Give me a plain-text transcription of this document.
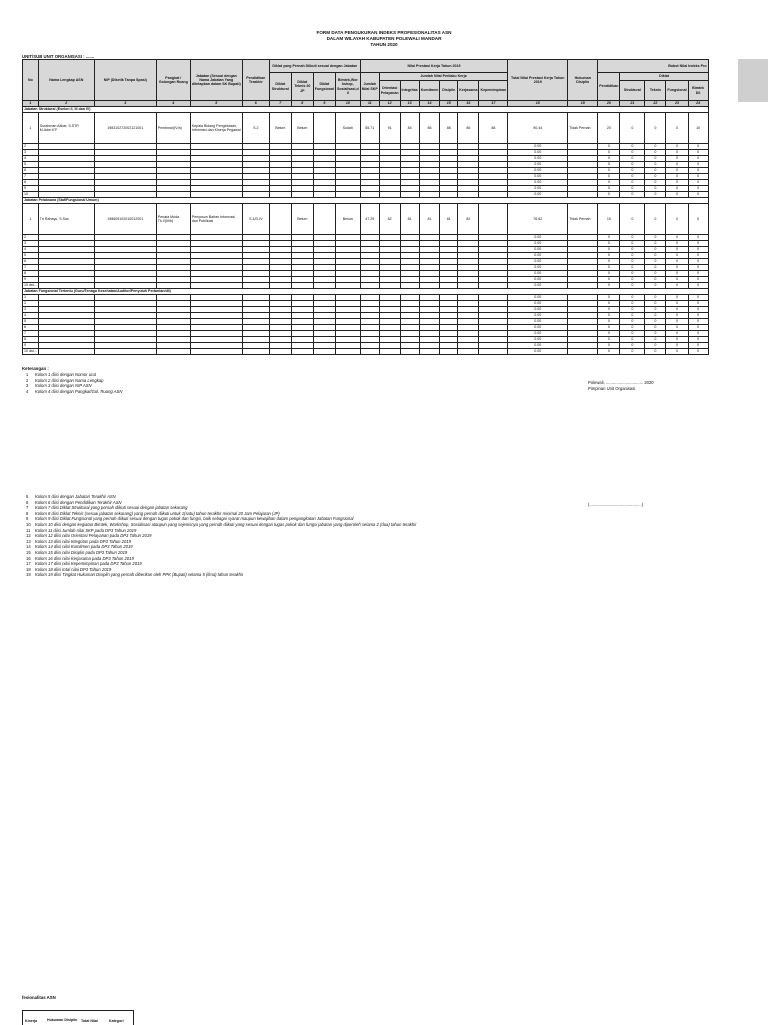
FORM DATA PENGUKURAN INDEKS PROFESIONALITAS ASN
DALAM WILAYAH KABUPATEN POLEWALI MANDAR
TAHUN 2020
UNIT/SUB UNIT ORGANISASI : .......
No	Nama Lengkap ASN	NIP (Diketik Tanpa Spasi)	Pangkat / Golongan Ruang	Jabatan (Sesuai dengan Nama Jabatan Yang ditetapkan dalam SK Bupati)	Pendidikan Terakhir	Diklat yang Pernah Diikuti sesuai dengan Jabatan				Nilai Prestasi Kerja Tahun 2019							Total Nilai Prestasi Kerja Tahun 2019	Hukuman Disiplin	Bobot Nilai Indeks Pro				
						Diklat Struktural	Diklat Teknis 20 JP	Diklat Fungsional	Bimtek,Wor kshop, Sosialisasi,d ll	Jumlah Nilai SKP	Jumlah Nilai Perilaku Kerja								Pendidikan	Diklat			
											Orientasi Pelayanan	Integritas	Komitmen	Disiplin	Kerjasama	Kepemimpinan				Struktural	Teknis	Fungsional	Bimtek Dll
1	2	3	4	5	6	7	8	9	10	11	12	13	14	15	16	17	18	19	20	21	22	23	24
Jabatan Struktural (Eselon II, III dan IV)																							
1	Surahman Akbar, S.STP, M.Adm.KP	198310272002121001	Pembina/(IV/a)	Kepala Bidang Pengelolaan, Informasi dan Kinerja Pegawai	S.2	Belum	Belum		Sudah	55.71	91	84	86	86	86	88	90.44	Tidak Pernah	20	0	0	0	10
2																	0.00		0	0	0	0	0
3																	0.00		0	0	0	0	0
4																	0.00		0	0	0	0	0
5																	0.00		0	0	0	0	0
6																	0.00		0	0	0	0	0
7																	0.00		0	0	0	0	0
8																	0.00		0	0	0	0	0
9																	0.00		0	0	0	0	0
10																	0.00		0	0	0	0	0
Jabatan Pelaksana (Staf/Fungsional Umum)																							
1	Tri Rahayu, S.Sos	198609102010012001	Penata Muda Tk.I/(III/b)	Penyusun Bahan Informasi dan Publikasi	S.1/D.IV		Belum		Belum	47.29	82	81	81	81	82		76.62	Tidak Pernah	15	0	0	0	0
2																	0.00		0	0	0	0	0
3																	0.00		0	0	0	0	0
4																	0.00		0	0	0	0	0
5																	0.00		0	0	0	0	0
6																	0.00		0	0	0	0	0
7																	0.00		0	0	0	0	0
8																	0.00		0	0	0	0	0
9																	0.00		0	0	0	0	0
10 dst...																	0.00		0	0	0	0	0
Jabatan Fungsional Tertentu (Guru/Tenaga Kesehatan/Auditor/Penyuluh Pertanian/dll)																							
1																	0.00		0	0	0	0	0
2																	0.00		0	0	0	0	0
3																	0.00		0	0	0	0	0
4																	0.00		0	0	0	0	0
5																	0.00		0	0	0	0	0
6																	0.00		0	0	0	0	0
7																	0.00		0	0	0	0	0
8																	0.00		0	0	0	0	0
9																	0.00		0	0	0	0	0
10 dst...																	0.00		0	0	0	0	0
Keterangan :
1 Kolom 1 diisi dengan Nomor urut
2 Kolom 2 diisi dengan Nama Lengkap
3 Kolom 3 diisi dengan NIP ASN
4 Kolom 4 diisi dengan Pangkat/Gol. Ruang ASN
5 Kolom 5 diisi dengan Jabatan Terakhir ASN
6 Kolom 6 diisi dengan Pendidikan Terakhir ASN
7 Kolom 7 diisi Diklat Struktural yang pernah diikuti sesuai dengan jabatan sekarang
8 Kolom 8 diisi Diklat Teknis (sesuai jabatan sekarang) yang pernah diikuti untuk 1(satu) tahun terakhir minimal 20 Jam Pelajaran (JP)
9 Kolom 9 diisi Diklat Fungsional yang pernah diikuti sesuai dengan tugas pokok dan fungsi, baik sebagai syarat maupun kewajiban dalam pengangkatan Jabatan Fungsional
10 Kolom 10 diisi dengan kegiatan Bimtek, Workshop, Sosialisasi ataupun yang sejenisnya yang pernah diikuti yang sesuai dengan tugas pokok dan fungsi jabatan yang diperoleh selama 2 (dua) tahun terakhir
11 Kolom 11 diisi Jumlah nilai SKP pada DP3 Tahun 2019
12 Kolom 12 diisi nilai Orientasi Pelayanan pada DP3 Tahun 2019
13 Kolom 13 diisi nilai Integritas pada DP3 Tahun 2019
14 Kolom 14 diisi nilai Komitmen pada DP3 Tahun 2019
15 Kolom 15 diisi nilai Disiplin pada DP3 Tahun 2019
16 Kolom 16 diisi nilai Kerjasama pada DP3 Tahun 2019
17 Kolom 17 diisi nilai Kepemimpinan pada DP3 Tahun 2019
18 Kolom 18 diisi total nilai DP3 Tahun 2019
19 Kolom 19 diisi Tingkat Hukuman Disiplin yang pernah diberikan oleh PPK (Bupati) selama 5 (lima) tahun terakhir
Polewali, ................................ 2020
Pimpinan Unit Organisasi
(.............................................)
fesionalitas ASN
Kinerja	Hukuman Disiplin Total Nilai	Kategori
